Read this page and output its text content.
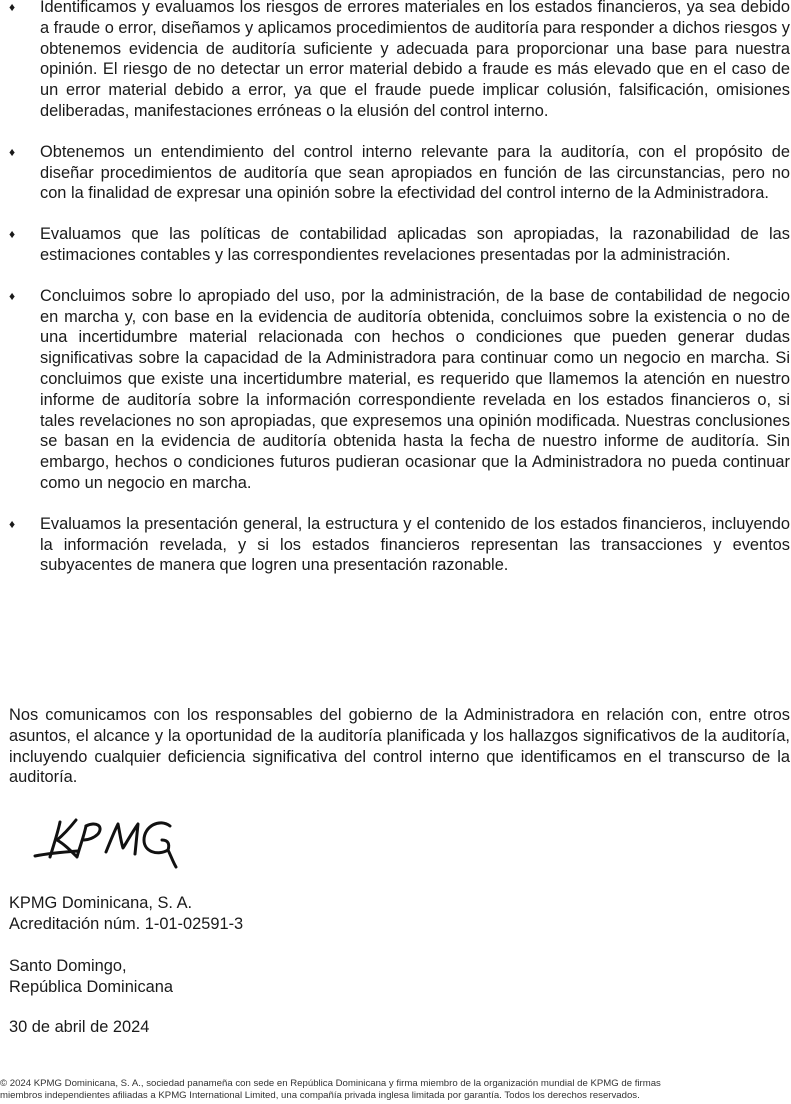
♦	Identificamos y evaluamos los riesgos de errores materiales en los estados financieros, ya sea debido a fraude o error, diseñamos y aplicamos procedimientos de auditoría para responder a dichos riesgos y obtenemos evidencia de auditoría suficiente y adecuada para proporcionar una base para nuestra opinión. El riesgo de no detectar un error material debido a fraude es más elevado que en el caso de un error material debido a error, ya que el fraude puede implicar colusión, falsificación, omisiones deliberadas, manifestaciones erróneas o la elusión del control interno.
♦	Obtenemos un entendimiento del control interno relevante para la auditoría, con el propósito de diseñar procedimientos de auditoría que sean apropiados en función de las circunstancias, pero no con la finalidad de expresar una opinión sobre la efectividad del control interno de la Administradora.
♦	Evaluamos que las políticas de contabilidad aplicadas son apropiadas, la razonabilidad de las estimaciones contables y las correspondientes revelaciones presentadas por la administración.
♦	Concluimos sobre lo apropiado del uso, por la administración, de la base de contabilidad de negocio en marcha y, con base en la evidencia de auditoría obtenida, concluimos sobre la existencia o no de una incertidumbre material relacionada con hechos o condiciones que pueden generar dudas significativas sobre la capacidad de la Administradora para continuar como un negocio en marcha. Si concluimos que existe una incertidumbre material, es requerido que llamemos la atención en nuestro informe de auditoría sobre la información correspondiente revelada en los estados financieros o, si tales revelaciones no son apropiadas, que expresemos una opinión modificada. Nuestras conclusiones se basan en la evidencia de auditoría obtenida hasta la fecha de nuestro informe de auditoría. Sin embargo, hechos o condiciones futuros pudieran ocasionar que la Administradora no pueda continuar como un negocio en marcha.
♦	Evaluamos la presentación general, la estructura y el contenido de los estados financieros, incluyendo la información revelada, y si los estados financieros representan las transacciones y eventos subyacentes de manera que logren una presentación razonable.

Nos comunicamos con los responsables del gobierno de la Administradora en relación con, entre otros asuntos, el alcance y la oportunidad de la auditoría planificada y los hallazgos significativos de la auditoría, incluyendo cualquier deficiencia significativa del control interno que identificamos en el transcurso de la auditoría.

KPMG Dominicana, S. A.
Acreditación núm. 1-01-02591-3
Santo Domingo,
República Dominicana
30 de abril de 2024
© 2024 KPMG Dominicana, S. A., sociedad panameña con sede en República Dominicana y firma miembro de la organización mundial de KPMG de firmas
miembros independientes afiliadas a KPMG International Limited, una compañía privada inglesa limitada por garantía. Todos los derechos reservados.
